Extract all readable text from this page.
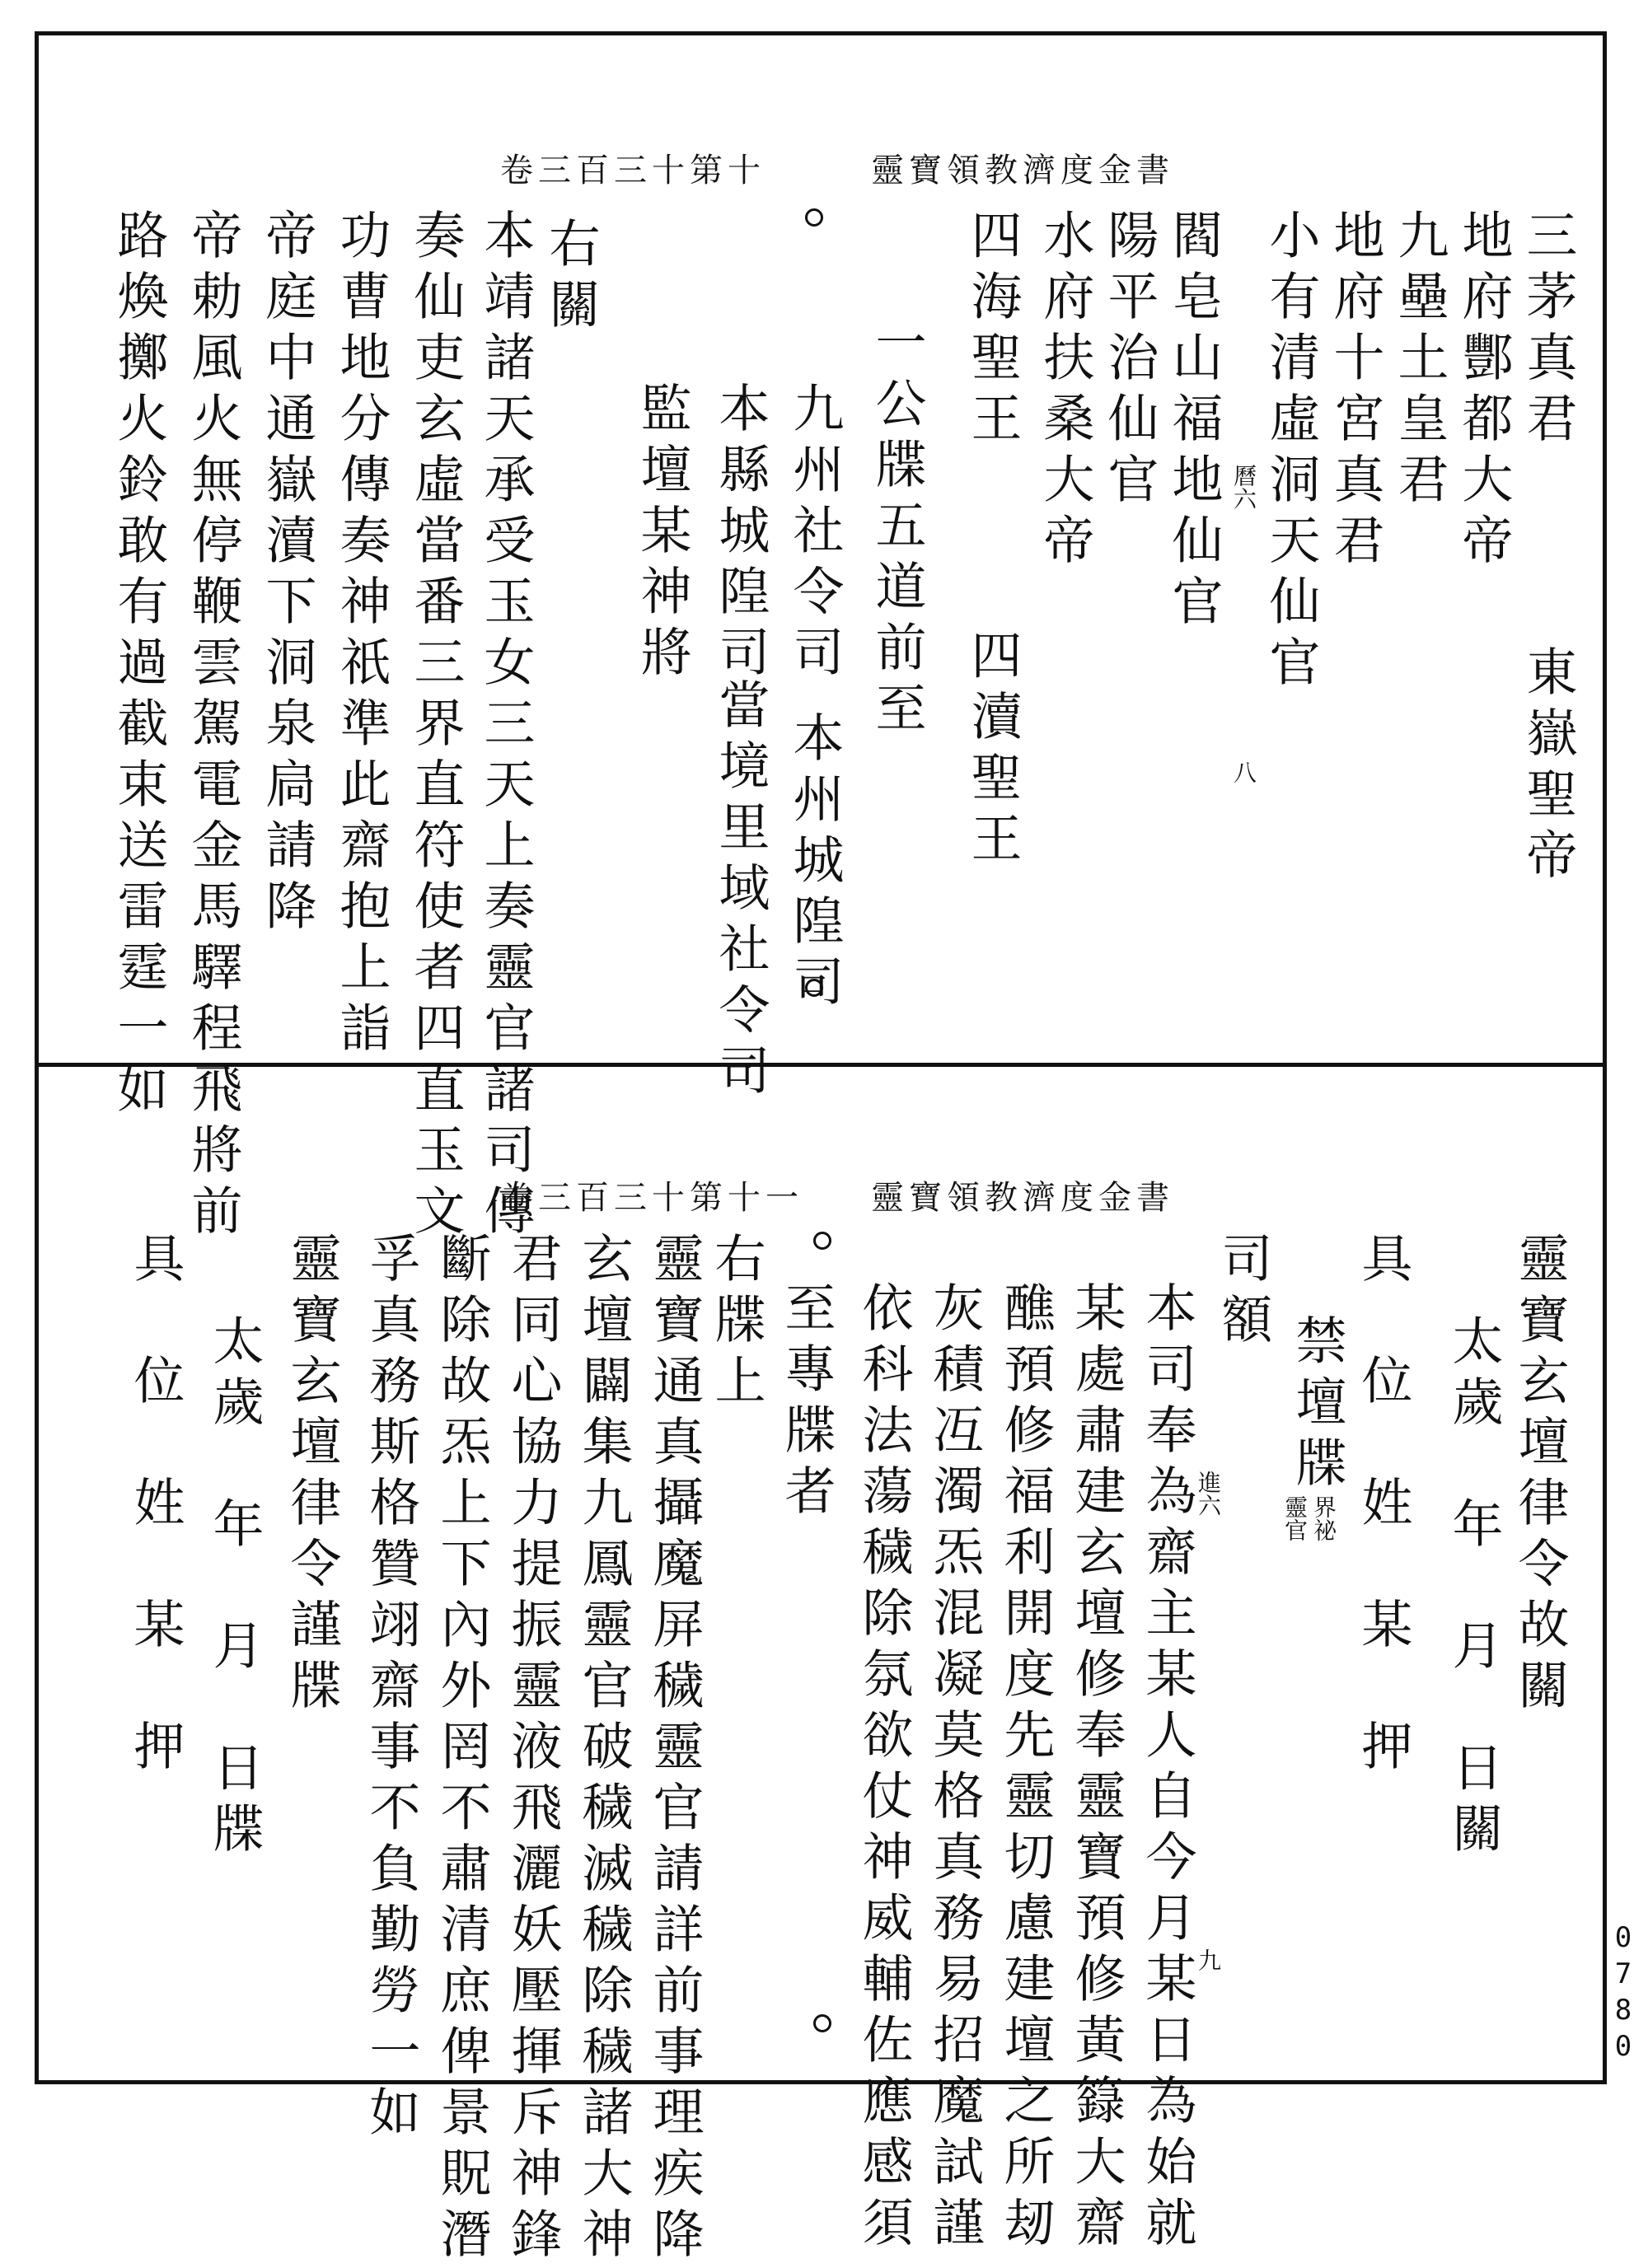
卷三百三十第十	靈寶領教濟度金書
三茅真君
東嶽聖帝
地府酆都大帝
九壘土皇君
地府十宮真君
小有清虛洞天仙官
曆六
八
閻皂山福地仙官
陽平治仙官
水府扶桑大帝
四海聖王
四瀆聖王
一公牒五道前至
九州社令司
本州城隍司
本縣城隍司
當境里域社令司
監壇某神將
右關
本靖諸天承受玉女三天上奏靈官諸司傳
奏仙吏玄虛當番三界直符使者四直玉文
功曹地分傳奏神祇準此齋抱上詣
帝庭中通嶽瀆下洞泉扃請降
帝勅風火無停鞭雲駕電金馬驛程飛將前
路煥擲火鈴敢有過截束送雷霆一如
卷三百三十第十一 靈寶領教濟度金書
靈寶玄壇律令故關
太歲　年　月　日關
具　位　姓　某　押
禁壇牒
界祕
靈官
司額
進六
九
本司奉為齋主某人自今月某日為始就
某處肅建玄壇修奉靈寶預修黃籙大齋
醮預修福利開度先靈切慮建壇之所刼
灰積冱濁炁混凝莫格真務易招魔試謹
依科法蕩穢除氛欲仗神威輔佐應感須
至專牒者
右牒上
靈寶通真攝魔屏穢靈官請詳前事理疾降
玄壇闢集九鳳靈官破穢滅穢除穢諸大神
君同心協力提振靈液飛灑妖壓揮斥神鋒
斷除故炁上下內外罔不肅清庶俾景貺潛
孚真務斯格贊翊齋事不負勤勞一如
靈寶玄壇律令謹牒
太歲　年　月　日牒
具　位　姓　某　押
0780
